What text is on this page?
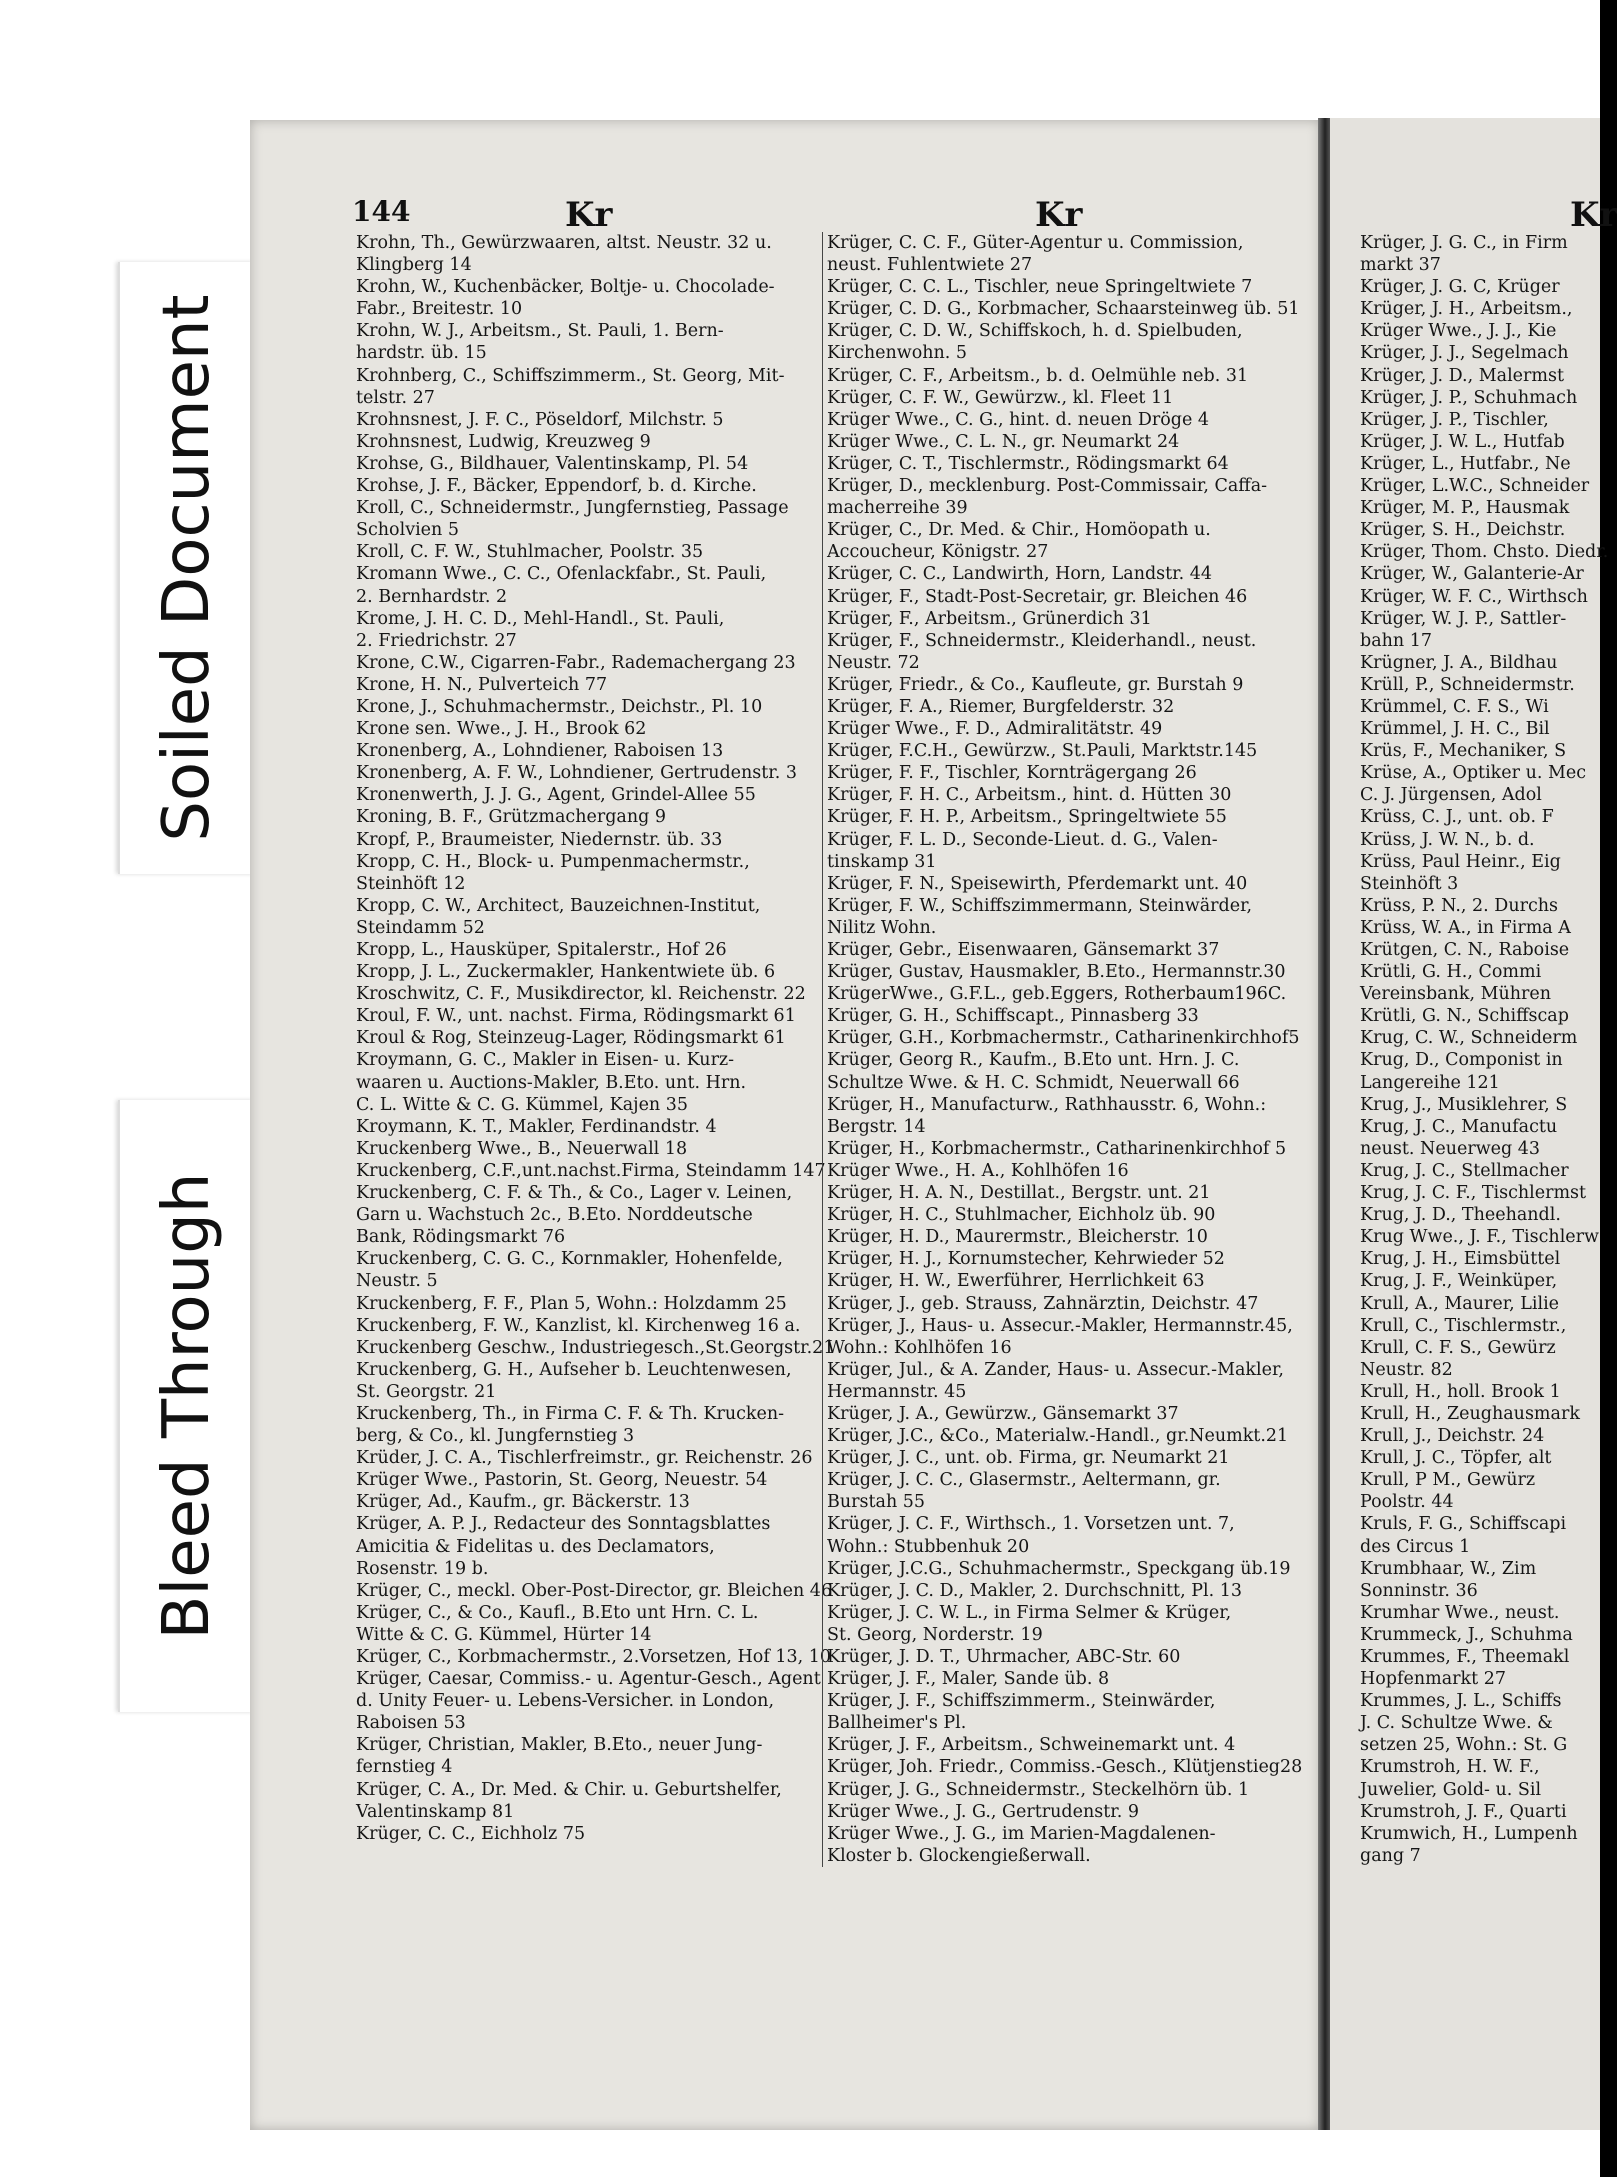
Soiled Document
Bleed Through
144	Kr	Kr	Kr
Krohn, Th., Gewürzwaaren, altst. Neustr. 32 u.
Klingberg 14
Krohn, W., Kuchenbäcker, Boltje- u. Chocolade-
Fabr., Breitestr. 10
Krohn, W. J., Arbeitsm., St. Pauli, 1. Bern-
hardstr. üb. 15
Krohnberg, C., Schiffszimmerm., St. Georg, Mit-
telstr. 27
Krohnsnest, J. F. C., Pöseldorf, Milchstr. 5
Krohnsnest, Ludwig, Kreuzweg 9
Krohse, G., Bildhauer, Valentinskamp, Pl. 54
Krohse, J. F., Bäcker, Eppendorf, b. d. Kirche.
Kroll, C., Schneidermstr., Jungfernstieg, Passage
Scholvien 5
Kroll, C. F. W., Stuhlmacher, Poolstr. 35
Kromann Wwe., C. C., Ofenlackfabr., St. Pauli,
2. Bernhardstr. 2
Krome, J. H. C. D., Mehl-Handl., St. Pauli,
2. Friedrichstr. 27
Krone, C.W., Cigarren-Fabr., Rademachergang 23
Krone, H. N., Pulverteich 77
Krone, J., Schuhmachermstr., Deichstr., Pl. 10
Krone sen. Wwe., J. H., Brook 62
Kronenberg, A., Lohndiener, Raboisen 13
Kronenberg, A. F. W., Lohndiener, Gertrudenstr. 3
Kronenwerth, J. J. G., Agent, Grindel-Allee 55
Kroning, B. F., Grützmachergang 9
Kropf, P., Braumeister, Niedernstr. üb. 33
Kropp, C. H., Block- u. Pumpenmachermstr.,
Steinhöft 12
Kropp, C. W., Architect, Bauzeichnen-Institut,
Steindamm 52
Kropp, L., Hausküper, Spitalerstr., Hof 26
Kropp, J. L., Zuckermakler, Hankentwiete üb. 6
Kroschwitz, C. F., Musikdirector, kl. Reichenstr. 22
Kroul, F. W., unt. nachst. Firma, Rödingsmarkt 61
Kroul & Rog, Steinzeug-Lager, Rödingsmarkt 61
Kroymann, G. C., Makler in Eisen- u. Kurz-
waaren u. Auctions-Makler, B.Eto. unt. Hrn.
C. L. Witte & C. G. Kümmel, Kajen 35
Kroymann, K. T., Makler, Ferdinandstr. 4
Kruckenberg Wwe., B., Neuerwall 18
Kruckenberg, C.F.,unt.nachst.Firma, Steindamm 147
Kruckenberg, C. F. & Th., & Co., Lager v. Leinen,
Garn u. Wachstuch 2c., B.Eto. Norddeutsche
Bank, Rödingsmarkt 76
Kruckenberg, C. G. C., Kornmakler, Hohenfelde,
Neustr. 5
Kruckenberg, F. F., Plan 5, Wohn.: Holzdamm 25
Kruckenberg, F. W., Kanzlist, kl. Kirchenweg 16 a.
Kruckenberg Geschw., Industriegesch.,St.Georgstr.21
Kruckenberg, G. H., Aufseher b. Leuchtenwesen,
St. Georgstr. 21
Kruckenberg, Th., in Firma C. F. & Th. Krucken-
berg, & Co., kl. Jungfernstieg 3
Krüder, J. C. A., Tischlerfreimstr., gr. Reichenstr. 26
Krüger Wwe., Pastorin, St. Georg, Neuestr. 54
Krüger, Ad., Kaufm., gr. Bäckerstr. 13
Krüger, A. P. J., Redacteur des Sonntagsblattes
Amicitia & Fidelitas u. des Declamators,
Rosenstr. 19 b.
Krüger, C., meckl. Ober-Post-Director, gr. Bleichen 46
Krüger, C., & Co., Kaufl., B.Eto unt Hrn. C. L.
Witte & C. G. Kümmel, Hürter 14
Krüger, C., Korbmachermstr., 2.Vorsetzen, Hof 13, 10
Krüger, Caesar, Commiss.- u. Agentur-Gesch., Agent
d. Unity Feuer- u. Lebens-Versicher. in London,
Raboisen 53
Krüger, Christian, Makler, B.Eto., neuer Jung-
fernstieg 4
Krüger, C. A., Dr. Med. & Chir. u. Geburtshelfer,
Valentinskamp 81
Krüger, C. C., Eichholz 75
Krüger, C. C. F., Güter-Agentur u. Commission,
neust. Fuhlentwiete 27
Krüger, C. C. L., Tischler, neue Springeltwiete 7
Krüger, C. D. G., Korbmacher, Schaarsteinweg üb. 51
Krüger, C. D. W., Schiffskoch, h. d. Spielbuden,
Kirchenwohn. 5
Krüger, C. F., Arbeitsm., b. d. Oelmühle neb. 31
Krüger, C. F. W., Gewürzw., kl. Fleet 11
Krüger Wwe., C. G., hint. d. neuen Dröge 4
Krüger Wwe., C. L. N., gr. Neumarkt 24
Krüger, C. T., Tischlermstr., Rödingsmarkt 64
Krüger, D., mecklenburg. Post-Commissair, Caffa-
macherreihe 39
Krüger, C., Dr. Med. & Chir., Homöopath u.
Accoucheur, Königstr. 27
Krüger, C. C., Landwirth, Horn, Landstr. 44
Krüger, F., Stadt-Post-Secretair, gr. Bleichen 46
Krüger, F., Arbeitsm., Grünerdich 31
Krüger, F., Schneidermstr., Kleiderhandl., neust.
Neustr. 72
Krüger, Friedr., & Co., Kaufleute, gr. Burstah 9
Krüger, F. A., Riemer, Burgfelderstr. 32
Krüger Wwe., F. D., Admiralitätstr. 49
Krüger, F.C.H., Gewürzw., St.Pauli, Marktstr.145
Krüger, F. F., Tischler, Kornträgergang 26
Krüger, F. H. C., Arbeitsm., hint. d. Hütten 30
Krüger, F. H. P., Arbeitsm., Springeltwiete 55
Krüger, F. L. D., Seconde-Lieut. d. G., Valen-
tinskamp 31
Krüger, F. N., Speisewirth, Pferdemarkt unt. 40
Krüger, F. W., Schiffszimmermann, Steinwärder,
Nilitz Wohn.
Krüger, Gebr., Eisenwaaren, Gänsemarkt 37
Krüger, Gustav, Hausmakler, B.Eto., Hermannstr.30
KrügerWwe., G.F.L., geb.Eggers, Rotherbaum196C.
Krüger, G. H., Schiffscapt., Pinnasberg 33
Krüger, G.H., Korbmachermstr., Catharinenkirchhof5
Krüger, Georg R., Kaufm., B.Eto unt. Hrn. J. C.
Schultze Wwe. & H. C. Schmidt, Neuerwall 66
Krüger, H., Manufacturw., Rathhausstr. 6, Wohn.:
Bergstr. 14
Krüger, H., Korbmachermstr., Catharinenkirchhof 5
Krüger Wwe., H. A., Kohlhöfen 16
Krüger, H. A. N., Destillat., Bergstr. unt. 21
Krüger, H. C., Stuhlmacher, Eichholz üb. 90
Krüger, H. D., Maurermstr., Bleicherstr. 10
Krüger, H. J., Kornumstecher, Kehrwieder 52
Krüger, H. W., Ewerführer, Herrlichkeit 63
Krüger, J., geb. Strauss, Zahnärztin, Deichstr. 47
Krüger, J., Haus- u. Assecur.-Makler, Hermannstr.45,
Wohn.: Kohlhöfen 16
Krüger, Jul., & A. Zander, Haus- u. Assecur.-Makler,
Hermannstr. 45
Krüger, J. A., Gewürzw., Gänsemarkt 37
Krüger, J.C., &Co., Materialw.-Handl., gr.Neumkt.21
Krüger, J. C., unt. ob. Firma, gr. Neumarkt 21
Krüger, J. C. C., Glasermstr., Aeltermann, gr.
Burstah 55
Krüger, J. C. F., Wirthsch., 1. Vorsetzen unt. 7,
Wohn.: Stubbenhuk 20
Krüger, J.C.G., Schuhmachermstr., Speckgang üb.19
Krüger, J. C. D., Makler, 2. Durchschnitt, Pl. 13
Krüger, J. C. W. L., in Firma Selmer & Krüger,
St. Georg, Norderstr. 19
Krüger, J. D. T., Uhrmacher, ABC-Str. 60
Krüger, J. F., Maler, Sande üb. 8
Krüger, J. F., Schiffszimmerm., Steinwärder,
Ballheimer's Pl.
Krüger, J. F., Arbeitsm., Schweinemarkt unt. 4
Krüger, Joh. Friedr., Commiss.-Gesch., Klütjenstieg28
Krüger, J. G., Schneidermstr., Steckelhörn üb. 1
Krüger Wwe., J. G., Gertrudenstr. 9
Krüger Wwe., J. G., im Marien-Magdalenen-
Kloster b. Glockengießerwall.
Krüger, J. G. C., in Firm
markt 37
Krüger, J. G. C, Krüger
Krüger, J. H., Arbeitsm.,
Krüger Wwe., J. J., Kie
Krüger, J. J., Segelmach
Krüger, J. D., Malermst
Krüger, J. P., Schuhmach
Krüger, J. P., Tischler,
Krüger, J. W. L., Hutfab
Krüger, L., Hutfabr., Ne
Krüger, L.W.C., Schneider
Krüger, M. P., Hausmak
Krüger, S. H., Deichstr.
Krüger, Thom. Chsto. Diedr.
Krüger, W., Galanterie-Ar
Krüger, W. F. C., Wirthsch
Krüger, W. J. P., Sattler-
bahn 17
Krügner, J. A., Bildhau
Krüll, P., Schneidermstr.
Krümmel, C. F. S., Wi
Krümmel, J. H. C., Bil
Krüs, F., Mechaniker, S
Krüse, A., Optiker u. Mec
C. J. Jürgensen, Adol
Krüss, C. J., unt. ob. F
Krüss, J. W. N., b. d.
Krüss, Paul Heinr., Eig
Steinhöft 3
Krüss, P. N., 2. Durchs
Krüss, W. A., in Firma A
Krütgen, C. N., Raboise
Krütli, G. H., Commi
Vereinsbank, Mühren
Krütli, G. N., Schiffscap
Krug, C. W., Schneiderm
Krug, D., Componist in
Langereihe 121
Krug, J., Musiklehrer, S
Krug, J. C., Manufactu
neust. Neuerweg 43
Krug, J. C., Stellmacher
Krug, J. C. F., Tischlermst
Krug, J. D., Theehandl.
Krug Wwe., J. F., Tischlerw
Krug, J. H., Eimsbüttel
Krug, J. F., Weinküper,
Krull, A., Maurer, Lilie
Krull, C., Tischlermstr.,
Krull, C. F. S., Gewürz
Neustr. 82
Krull, H., holl. Brook 1
Krull, H., Zeughausmark
Krull, J., Deichstr. 24
Krull, J. C., Töpfer, alt
Krull, P M., Gewürz
Poolstr. 44
Kruls, F. G., Schiffscapi
des Circus 1
Krumbhaar, W., Zim
Sonninstr. 36
Krumhar Wwe., neust.
Krummeck, J., Schuhma
Krummes, F., Theemakl
Hopfenmarkt 27
Krummes, J. L., Schiffs
J. C. Schultze Wwe. &
setzen 25, Wohn.: St. G
Krumstroh, H. W. F.,
Juwelier, Gold- u. Sil
Krumstroh, J. F., Quarti
Krumwich, H., Lumpenh
gang 7
